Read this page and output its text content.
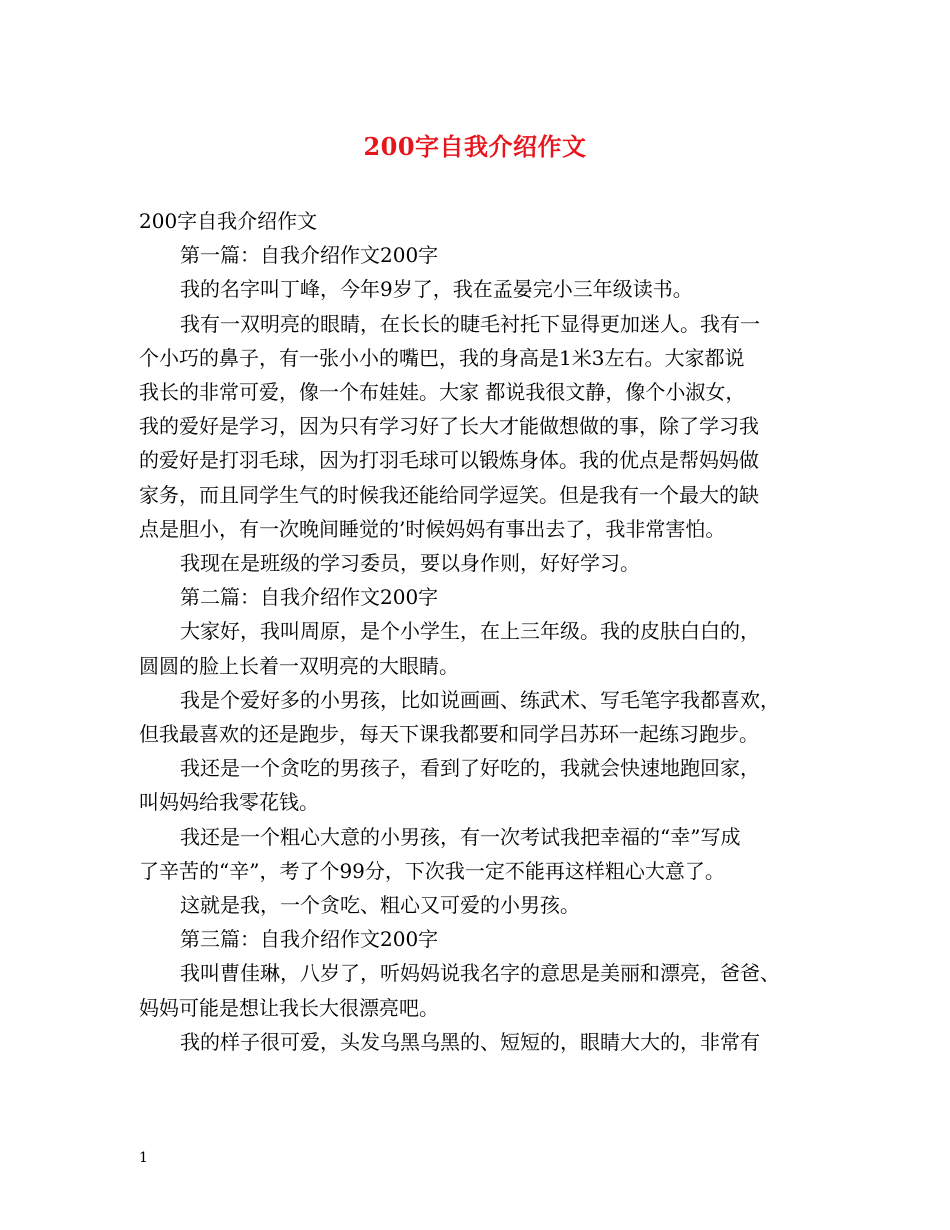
200字自我介绍作文

200字自我介绍作文

第一篇：自我介绍作文200字

我的名字叫丁峰，今年9岁了，我在孟晏完小三年级读书。

我有一双明亮的眼睛，在长长的睫毛衬托下显得更加迷人。我有一

个小巧的鼻子，有一张小小的嘴巴，我的身高是1米3左右。大家都说

我长的非常可爱，像一个布娃娃。大家 都说我很文静，像个小淑女，

我的爱好是学习，因为只有学习好了长大才能做想做的事，除了学习我

的爱好是打羽毛球，因为打羽毛球可以锻炼身体。我的优点是帮妈妈做

家务，而且同学生气的时候我还能给同学逗笑。但是我有一个最大的缺

点是胆小，有一次晚间睡觉的’时候妈妈有事出去了，我非常害怕。

我现在是班级的学习委员，要以身作则，好好学习。

第二篇：自我介绍作文200字

大家好，我叫周原，是个小学生，在上三年级。我的皮肤白白的，

圆圆的脸上长着一双明亮的大眼睛。

我是个爱好多的小男孩，比如说画画、练武术、写毛笔字我都喜欢，

但我最喜欢的还是跑步，每天下课我都要和同学吕苏环一起练习跑步。

我还是一个贪吃的男孩子，看到了好吃的，我就会快速地跑回家，

叫妈妈给我零花钱。

我还是一个粗心大意的小男孩，有一次考试我把幸福的“幸”写成

了辛苦的“辛”，考了个99分，下次我一定不能再这样粗心大意了。

这就是我，一个贪吃、粗心又可爱的小男孩。

第三篇：自我介绍作文200字

我叫曹佳琳，八岁了，听妈妈说我名字的意思是美丽和漂亮，爸爸、

妈妈可能是想让我长大很漂亮吧。

我的样子很可爱，头发乌黑乌黑的、短短的，眼睛大大的，非常有

1
